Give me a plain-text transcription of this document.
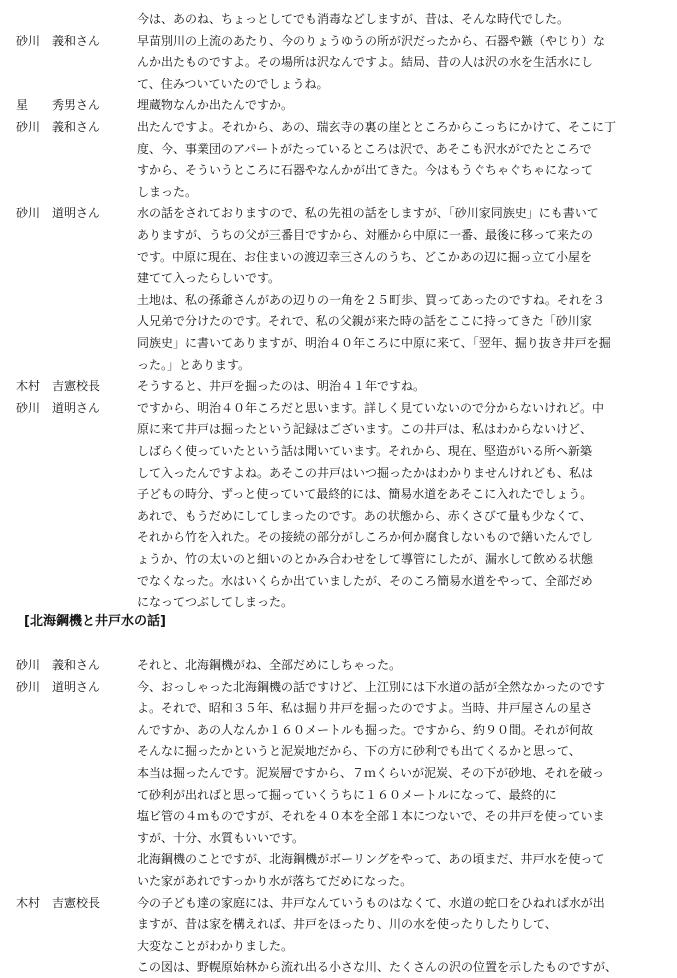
今は、あのね、ちょっとしてでも消毒などしますが、昔は、そんな時代でした。
砂川　義和さん	早苗別川の上流のあたり、今のりょうゆうの所が沢だったから、石器や鏃（やじり）な
んか出たものですよ。その場所は沢なんですよ。結局、昔の人は沢の水を生活水にし
て、住みついていたのでしょうね。
星　　秀男さん	埋蔵物なんか出たんですか。
砂川　義和さん	出たんですよ。それから、あの、瑞玄寺の裏の崖とところからこっちにかけて、そこに丁
度、今、事業団のアパートがたっているところは沢で、あそこも沢水がでたところで
すから、そういうところに石器やなんかが出てきた。今はもうぐちゃぐちゃになって
しまった。
砂川　道明さん	水の話をされておりますので、私の先祖の話をしますが、「砂川家同族史」にも書いて
ありますが、うちの父が三番目ですから、対雁から中原に一番、最後に移って来たの
です。中原に現在、お住まいの渡辺幸三さんのうち、どこかあの辺に掘っ立て小屋を
建てて入ったらしいです。
土地は、私の孫爺さんがあの辺りの一角を２５町歩、買ってあったのですね。それを３
人兄弟で分けたのです。それで、私の父親が来た時の話をここに持ってきた「砂川家
同族史」に書いてありますが、明治４０年ころに中原に来て、「翌年、掘り抜き井戸を掘
った。」とあります。
木村　吉憲校長	そうすると、井戸を掘ったのは、明治４１年ですね。
砂川　道明さん	ですから、明治４０年ころだと思います。詳しく見ていないので分からないけれど。中
原に来て井戸は掘ったという記録はございます。この井戸は、私はわからないけど、
しばらく使っていたという話は聞いています。それから、現在、堅造がいる所へ新築
して入ったんですよね。あそこの井戸はいつ掘ったかはわかりませんけれども、私は
子どもの時分、ずっと使っていて最終的には、簡易水道をあそこに入れたでしょう。
あれで、もうだめにしてしまったのです。あの状態から、赤くさびて量も少なくて、
それから竹を入れた。その接続の部分がしころか何か腐食しないもので繕いたんでし
ょうか、竹の太いのと細いのとかみ合わせをして導管にしたが、漏水して飲める状態
でなくなった。水はいくらか出ていましたが、そのころ簡易水道をやって、全部だめ
になってつぶしてしまった。
[北海鋼機と井戸水の話]
砂川　義和さん	それと、北海鋼機がね、全部だめにしちゃった。
砂川　道明さん	今、おっしゃった北海鋼機の話ですけど、上江別には下水道の話が全然なかったのです
よ。それで、昭和３５年、私は掘り井戸を掘ったのですよ。当時、井戸屋さんの星さ
んですか、あの人なんか１６０メートルも掘った。ですから、約９０間。それが何故
そんなに掘ったかというと泥炭地だから、下の方に砂利でも出てくるかと思って、
本当は掘ったんです。泥炭層ですから、７ｍくらいが泥炭、その下が砂地、それを破っ
て砂利が出ればと思って掘っていくうちに１６０メートルになって、最終的に
塩ビ管の４ｍものですが、それを４０本を全部１本につないで、その井戸を使っていま
すが、十分、水質もいいです。
北海鋼機のことですが、北海鋼機がボーリングをやって、あの頃まだ、井戸水を使って
いた家があれですっかり水が落ちてだめになった。
木村　吉憲校長	今の子ども達の家庭には、井戸なんていうものはなくて、水道の蛇口をひねれば水が出
ますが、昔は家を構えれば、井戸をほったり、川の水を使ったりしたりして、
大変なことがわかりました。
この図は、野幌原始林から流れ出る小さな川、たくさんの沢の位置を示したものですが、
